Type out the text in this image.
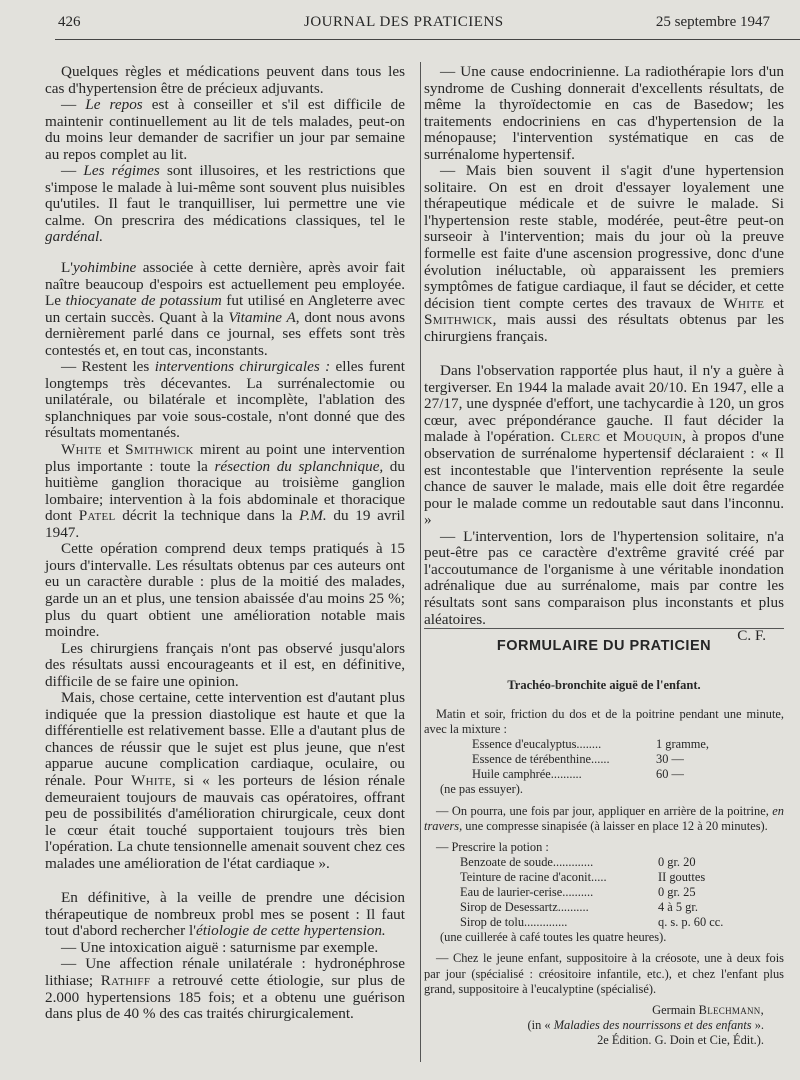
426	JOURNAL DES PRATICIENS	25 septembre 1947

Quelques règles et médications peuvent dans tous les cas d'hypertension être de précieux adjuvants.

— Le repos est à conseiller et s'il est difficile de maintenir continuellement au lit de tels malades, peut-on du moins leur demander de sacrifier un jour par semaine au repos complet au lit.

— Les régimes sont illusoires, et les restrictions que s'impose le malade à lui-même sont souvent plus nuisibles qu'utiles. Il faut le tranquilliser, lui permettre une vie calme. On prescrira des médications classiques, tel le gardénal.

L'yohimbine associée à cette dernière, après avoir fait naître beaucoup d'espoirs est actuellement peu employée. Le thiocyanate de potassium fut utilisé en Angleterre avec un certain succès. Quant à la Vitamine A, dont nous avons dernièrement parlé dans ce journal, ses effets sont très contestés et, en tout cas, inconstants.

— Restent les interventions chirurgicales : elles furent longtemps très décevantes. La surrénalectomie ou unilatérale, ou bilatérale et incomplète, l'ablation des splanchniques par voie sous-costale, n'ont donné que des résultats momentanés.

White et Smithwick mirent au point une intervention plus importante : toute la résection du splanchnique, du huitième ganglion thoracique au troisième ganglion lombaire; intervention à la fois abdominale et thoracique dont Patel décrit la technique dans la P.M. du 19 avril 1947.

Cette opération comprend deux temps pratiqués à 15 jours d'intervalle. Les résultats obtenus par ces auteurs ont eu un caractère durable : plus de la moitié des malades, garde un an et plus, une tension abaissée d'au moins 25 %; plus du quart obtient une amélioration notable mais moindre.

Les chirurgiens français n'ont pas observé jusqu'alors des résultats aussi encourageants et il est, en définitive, difficile de se faire une opinion.

Mais, chose certaine, cette intervention est d'autant plus indiquée que la pression diastolique est haute et que la différentielle est relativement basse. Elle a d'autant plus de chances de réussir que le sujet est plus jeune, que n'est apparue aucune complication cardiaque, oculaire, ou rénale. Pour White, si « les porteurs de lésion rénale demeuraient toujours de mauvais cas opératoires, offrant peu de possibilités d'amélioration chirurgicale, ceux dont le cœur était touché supportaient toujours très bien l'opération. La chute tensionnelle amenait souvent chez ces malades une amélioration de l'état cardiaque ».

En définitive, à la veille de prendre une décision thérapeutique de nombreux probl mes se posent : Il faut tout d'abord rechercher l'étiologie de cette hypertension.

— Une intoxication aiguë : saturnisme par exemple.

— Une affection rénale unilatérale : hydronéphrose lithiase; Rathiff a retrouvé cette étiologie, sur plus de 2.000 hypertensions 185 fois; et a obtenu une guérison dans plus de 40 % des cas traités chirurgicalement.

— Une cause endocrinienne. La radiothérapie lors d'un syndrome de Cushing donnerait d'excellents résultats, de même la thyroïdectomie en cas de Basedow; les traitements endocriniens en cas d'hypertension de la ménopause; l'intervention systématique en cas de surrénalome hypertensif.

— Mais bien souvent il s'agit d'une hypertension solitaire. On est en droit d'essayer loyalement une thérapeutique médicale et de suivre le malade. Si l'hypertension reste stable, modérée, peut-être peut-on surseoir à l'intervention; mais du jour où la preuve formelle est faite d'une ascension progressive, donc d'une évolution inéluctable, où apparaissent les premiers symptômes de fatigue cardiaque, il faut se décider, et cette décision tient compte certes des travaux de White et Smithwick, mais aussi des résultats obtenus par les chirurgiens français.

Dans l'observation rapportée plus haut, il n'y a guère à tergiverser. En 1944 la malade avait 20/10. En 1947, elle a 27/17, une dyspnée d'effort, une tachycardie à 120, un gros cœur, avec prépondérance gauche. Il faut décider la malade à l'opération. Clerc et Mouquin, à propos d'une observation de surrénalome hypertensif déclaraient : « Il est incontestable que l'intervention représente la seule chance de sauver le malade, mais elle doit être regardée pour le malade comme un redoutable saut dans l'inconnu. »

— L'intervention, lors de l'hypertension solitaire, n'a peut-être pas ce caractère d'extrême gravité créé par l'accoutumance de l'organisme à une véritable inondation adrénalique due au surrénalome, mais par contre les résultats sont sans comparaison plus inconstants et plus aléatoires.

C. F.

FORMULAIRE DU PRATICIEN
Trachéo-bronchite aiguë de l'enfant.

Matin et soir, friction du dos et de la poitrine pendant une minute, avec la mixture :

Essence d'eucalyptus........	1 gramme,
Essence de térébenthine......	30 —
Huile camphrée..........	60 —
(ne pas essuyer).

— On pourra, une fois par jour, appliquer en arrière de la poitrine, en travers, une compresse sinapisée (à laisser en place 12 à 20 minutes).

— Prescrire la potion :

Benzoate de soude.............	0 gr. 20
Teinture de racine d'aconit.....	II gouttes
Eau de laurier-cerise..........	0 gr. 25
Sirop de Desessartz..........	4 à 5 gr.
Sirop de tolu..............	q. s. p. 60 cc.
(une cuillerée à café toutes les quatre heures).

— Chez le jeune enfant, suppositoire à la créosote, une à deux fois par jour (spécialisé : créositoire infantile, etc.), et chez l'enfant plus grand, suppositoire à l'eucalyptine (spécialisé).

Germain Blechmann,
(in « Maladies des nourrissons et des enfants ».
2e Édition. G. Doin et Cie, Édit.).
